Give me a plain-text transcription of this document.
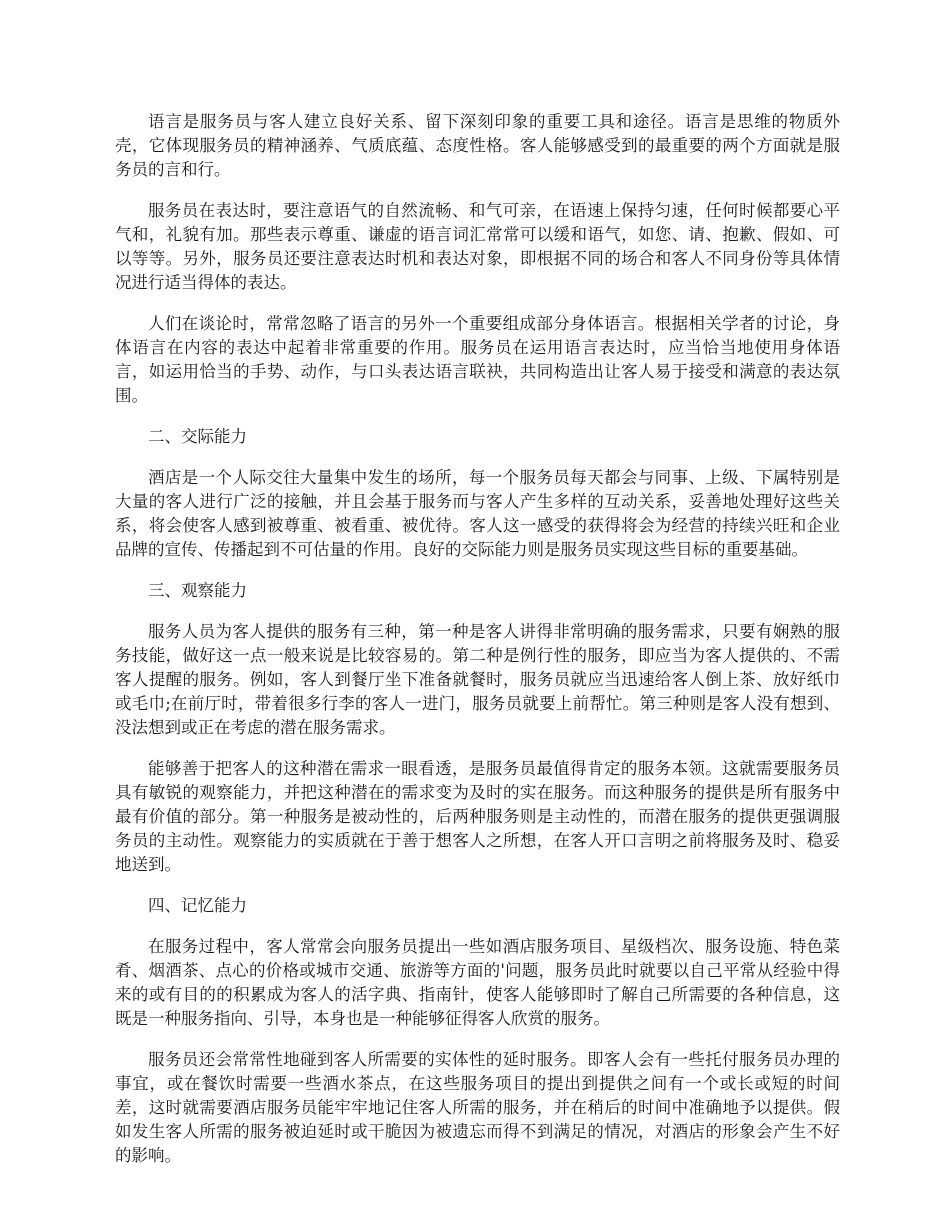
语言是服务员与客人建立良好关系、留下深刻印象的重要工具和途径。语言是思维的物质外壳，它体现服务员的精神涵养、气质底蕴、态度性格。客人能够感受到的最重要的两个方面就是服务员的言和行。

服务员在表达时，要注意语气的自然流畅、和气可亲，在语速上保持匀速，任何时候都要心平气和，礼貌有加。那些表示尊重、谦虚的语言词汇常常可以缓和语气，如您、请、抱歉、假如、可以等等。另外，服务员还要注意表达时机和表达对象，即根据不同的场合和客人不同身份等具体情况进行适当得体的表达。

人们在谈论时，常常忽略了语言的另外一个重要组成部分身体语言。根据相关学者的讨论，身体语言在内容的表达中起着非常重要的作用。服务员在运用语言表达时，应当恰当地使用身体语言，如运用恰当的手势、动作，与口头表达语言联袂，共同构造出让客人易于接受和满意的表达氛围。

二、交际能力

酒店是一个人际交往大量集中发生的场所，每一个服务员每天都会与同事、上级、下属特别是大量的客人进行广泛的接触，并且会基于服务而与客人产生多样的互动关系，妥善地处理好这些关系，将会使客人感到被尊重、被看重、被优待。客人这一感受的获得将会为经营的持续兴旺和企业品牌的宣传、传播起到不可估量的作用。良好的交际能力则是服务员实现这些目标的重要基础。

三、观察能力

服务人员为客人提供的服务有三种，第一种是客人讲得非常明确的服务需求，只要有娴熟的服务技能，做好这一点一般来说是比较容易的。第二种是例行性的服务，即应当为客人提供的、不需客人提醒的服务。例如，客人到餐厅坐下准备就餐时，服务员就应当迅速给客人倒上茶、放好纸巾或毛巾;在前厅时，带着很多行李的客人一进门，服务员就要上前帮忙。第三种则是客人没有想到、没法想到或正在考虑的潜在服务需求。

能够善于把客人的这种潜在需求一眼看透，是服务员最值得肯定的服务本领。这就需要服务员具有敏锐的观察能力，并把这种潜在的需求变为及时的实在服务。而这种服务的提供是所有服务中最有价值的部分。第一种服务是被动性的，后两种服务则是主动性的，而潜在服务的提供更强调服务员的主动性。观察能力的实质就在于善于想客人之所想，在客人开口言明之前将服务及时、稳妥地送到。

四、记忆能力

在服务过程中，客人常常会向服务员提出一些如酒店服务项目、星级档次、服务设施、特色菜肴、烟酒茶、点心的价格或城市交通、旅游等方面的'问题，服务员此时就要以自己平常从经验中得来的或有目的的积累成为客人的活字典、指南针，使客人能够即时了解自己所需要的各种信息，这既是一种服务指向、引导，本身也是一种能够征得客人欣赏的服务。

服务员还会常常性地碰到客人所需要的实体性的延时服务。即客人会有一些托付服务员办理的事宜，或在餐饮时需要一些酒水茶点，在这些服务项目的提出到提供之间有一个或长或短的时间差，这时就需要酒店服务员能牢牢地记住客人所需的服务，并在稍后的时间中准确地予以提供。假如发生客人所需的服务被迫延时或干脆因为被遗忘而得不到满足的情况，对酒店的形象会产生不好的影响。
